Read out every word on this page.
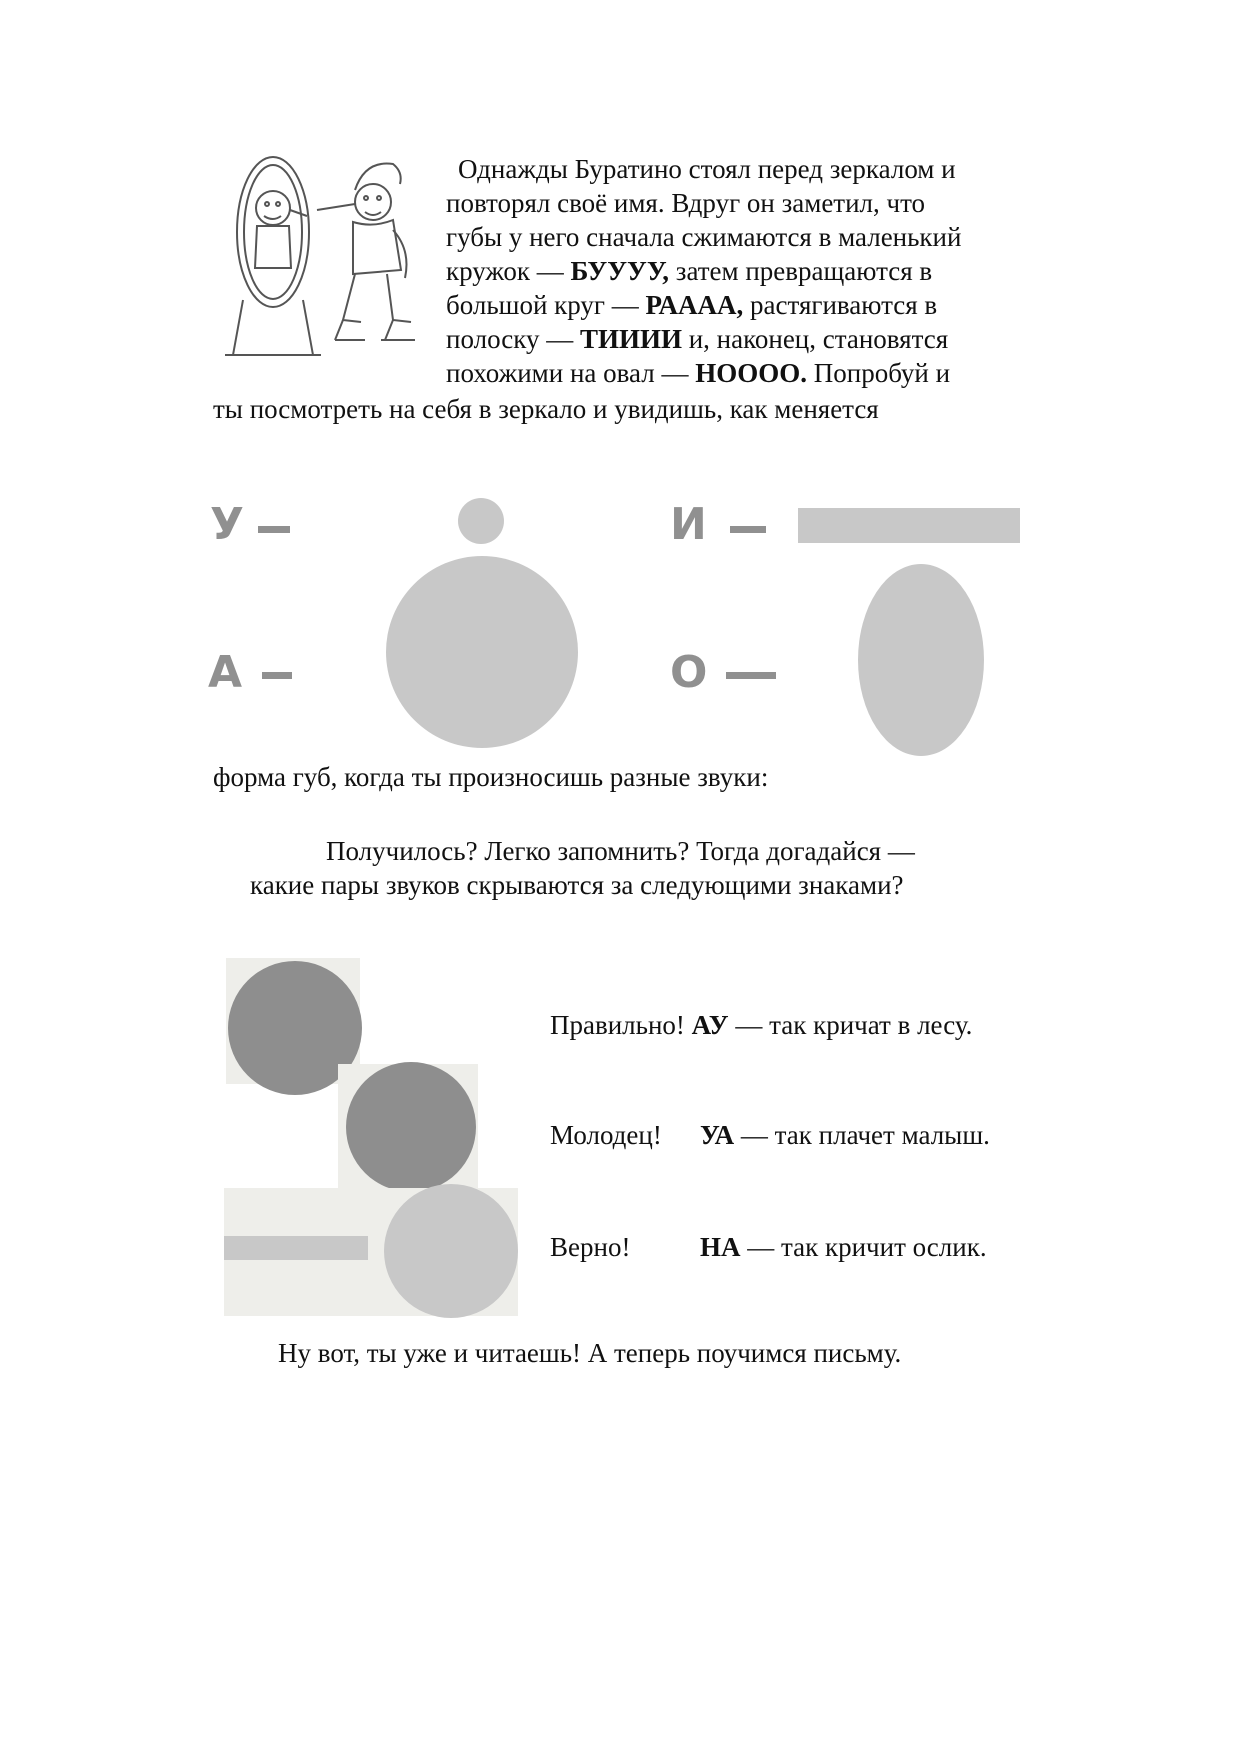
Однажды Буратино стоял перед зеркалом и
повторял своё имя. Вдруг он заметил, что
губы у него сначала сжимаются в маленький
кружок — БУУУУ, затем превращаются в
большой круг — РАААА, растягиваются в
полоску — ТИИИИ и, наконец, становятся
похожими на овал — НОООО. Попробуй и
ты посмотреть на себя в зеркало и увидишь, как меняется
У	И
А	О
форма губ, когда ты произносишь разные звуки:
Получилось? Легко запомнить? Тогда догадайся —
какие пары звуков скрываются за следующими знаками?
Правильно! АУ — так кричат в лесу.
Молодец! УА — так плачет малыш.
Верно!	НА — так кричит ослик.
Ну вот, ты уже и читаешь! А теперь поучимся письму.
